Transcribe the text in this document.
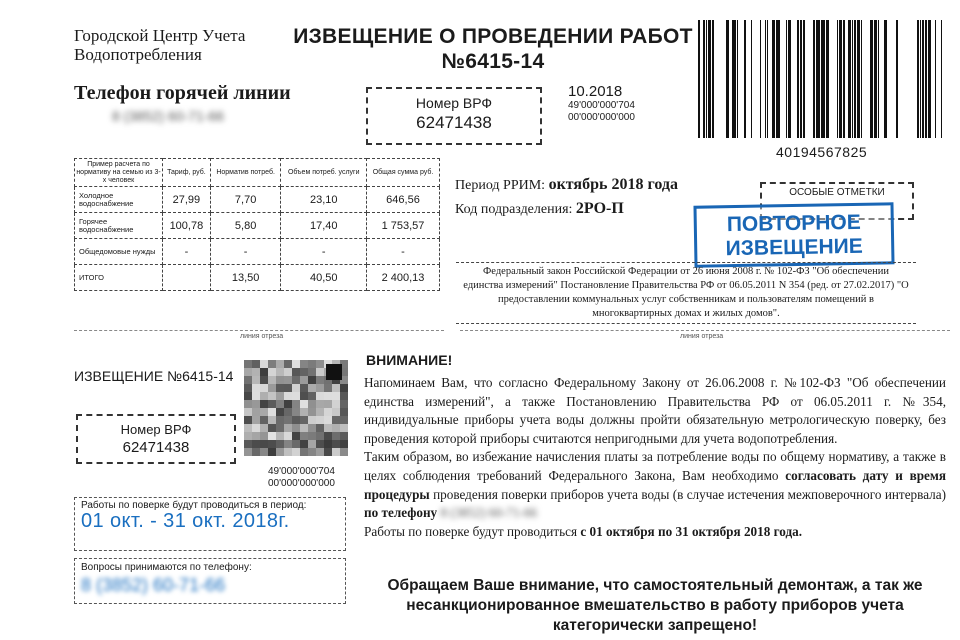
Городской Центр Учета
Водопотребления
ИЗВЕЩЕНИЕ О ПРОВЕДЕНИИ РАБОТ
№6415-14
Телефон горячей линии
8 (3852) 60-71-66
Номер ВРФ
62471438
10.2018
49'000'000'704
00'000'000'000
40194567825
Пример расчета по нормативу на семью из 3-х человек	Тариф, руб.	Норматив потреб.	Объем потреб. услуги	Общая сумма руб.
Холодное водоснабжение	27,99	7,70	23,10	646,56
Горячее водоснабжение	100,78	5,80	17,40	1 753,57
Общедомовые нужды	-	-	-	-
ИТОГО		13,50	40,50	2 400,13
Период РРИМ: октябрь 2018 года
Код подразделения: 2РО-П
ОСОБЫЕ ОТМЕТКИ
ПОВТОРНОЕ
ИЗВЕЩЕНИЕ
Федеральный закон Российской Федерации от 26 июня 2008 г. № 102-ФЗ "Об обеспечении единства измерений" Постановление Правительства РФ от 06.05.2011 N 354 (ред. от 27.02.2017) "О предоставлении коммунальных услуг собственникам и пользователям помещений в многоквартирных домах и жилых домов".
линия отреза	линия отреза
ИЗВЕЩЕНИЕ №6415-14
Номер ВРФ
62471438
49'000'000'704
00'000'000'000
Работы по поверке будут проводиться в период:
01 окт. - 31 окт. 2018г.
Вопросы принимаются по телефону:
8 (3852) 60-71-66
ВНИМАНИЕ!
Напоминаем Вам, что согласно Федеральному Закону от 26.06.2008 г. №102-ФЗ "Об обеспечении единства измерений", а также Постановлению Правительства РФ от 06.05.2011 г. №354, индивидуальные приборы учета воды должны пройти обязательную метрологическую поверку, без проведения которой приборы считаются непригодными для учета водопотребления.
Таким образом, во избежание начисления платы за потребление воды по общему нормативу, а также в целях соблюдения требований Федерального Закона, Вам необходимо согласовать дату и время процедуры проведения поверки приборов учета воды (в случае истечения межповерочного интервала) по телефону 8 (3852) 60-71-66
Работы по поверке будут проводиться с 01 октября по 31 октября 2018 года.
Обращаем Ваше внимание, что самостоятельный демонтаж, а так же несанкционированное вмешательство в работу приборов учета категорически запрещено!
